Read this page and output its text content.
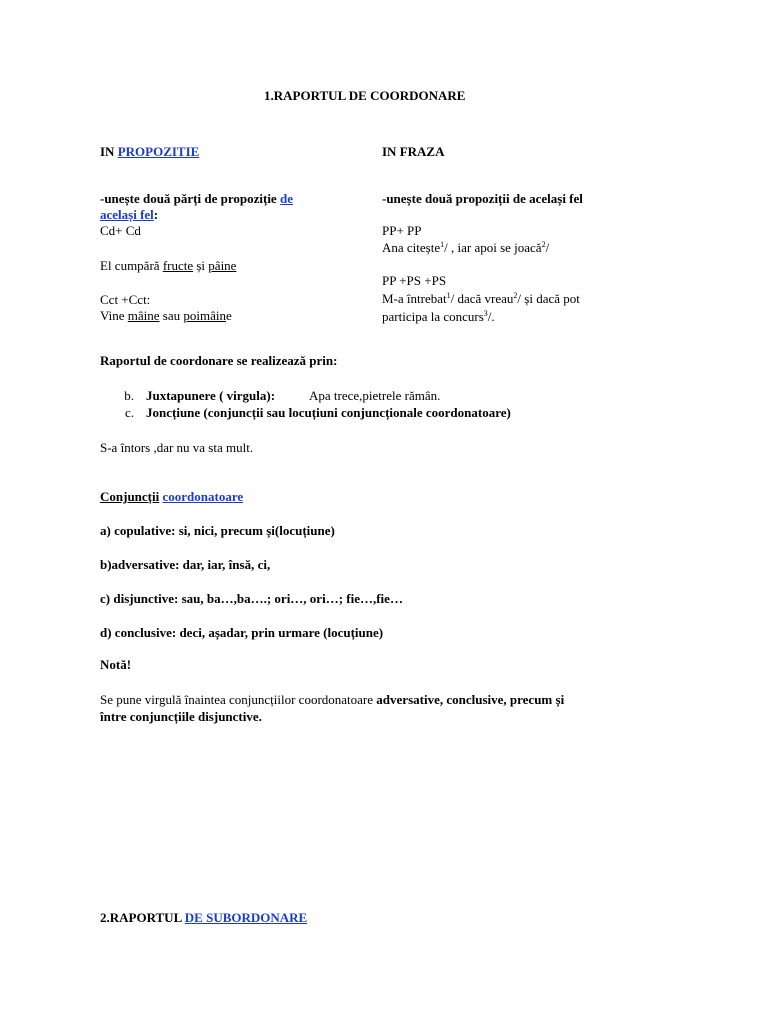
1.RAPORTUL DE COORDONARE
IN PROPOZITIE
-unește două părți de propoziție de
același fel:
Cd+ Cd
El cumpără fructe și pâine
Cct +Cct:
Vine mâine sau poimâine
IN FRAZA
-unește două propoziții de același fel
PP+ PP
Ana citește$^1$/ , iar apoi se joacă$^2$/
PP +PS +PS
M-a întrebat$^1$/ dacă vreau$^2$/ și dacă pot
participa la concurs$^3$/.
Raportul de coordonare se realizează prin:
b. Juxtapunere ( virgula):	Apa trece,pietrele rămân.
c. Joncțiune (conjuncții sau locuțiuni conjuncționale coordonatoare)
S-a întors ,dar nu va sta mult.
Conjuncții coordonatoare
a) copulative: si, nici, precum și(locuțiune)
b)adversative: dar, iar, însă, ci,
c) disjunctive: sau, ba…,ba….; ori…, ori…; fie…,fie…
d) conclusive: deci, așadar, prin urmare (locuțiune)
Notă!
Se pune virgulă înaintea conjuncțiilor coordonatoare adversative, conclusive, precum și
între conjuncțiile disjunctive.
2.RAPORTUL DE SUBORDONARE
